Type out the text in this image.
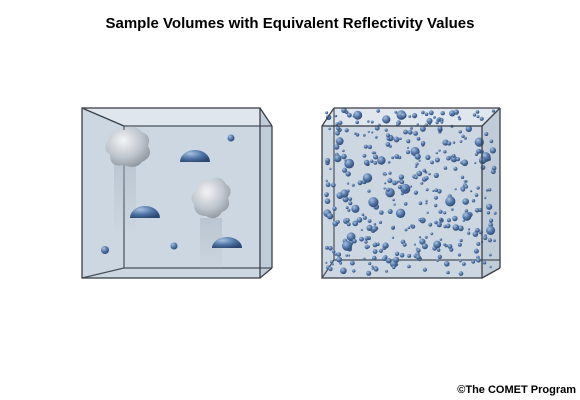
Sample Volumes with Equivalent Reflectivity Values
©The COMET Program
